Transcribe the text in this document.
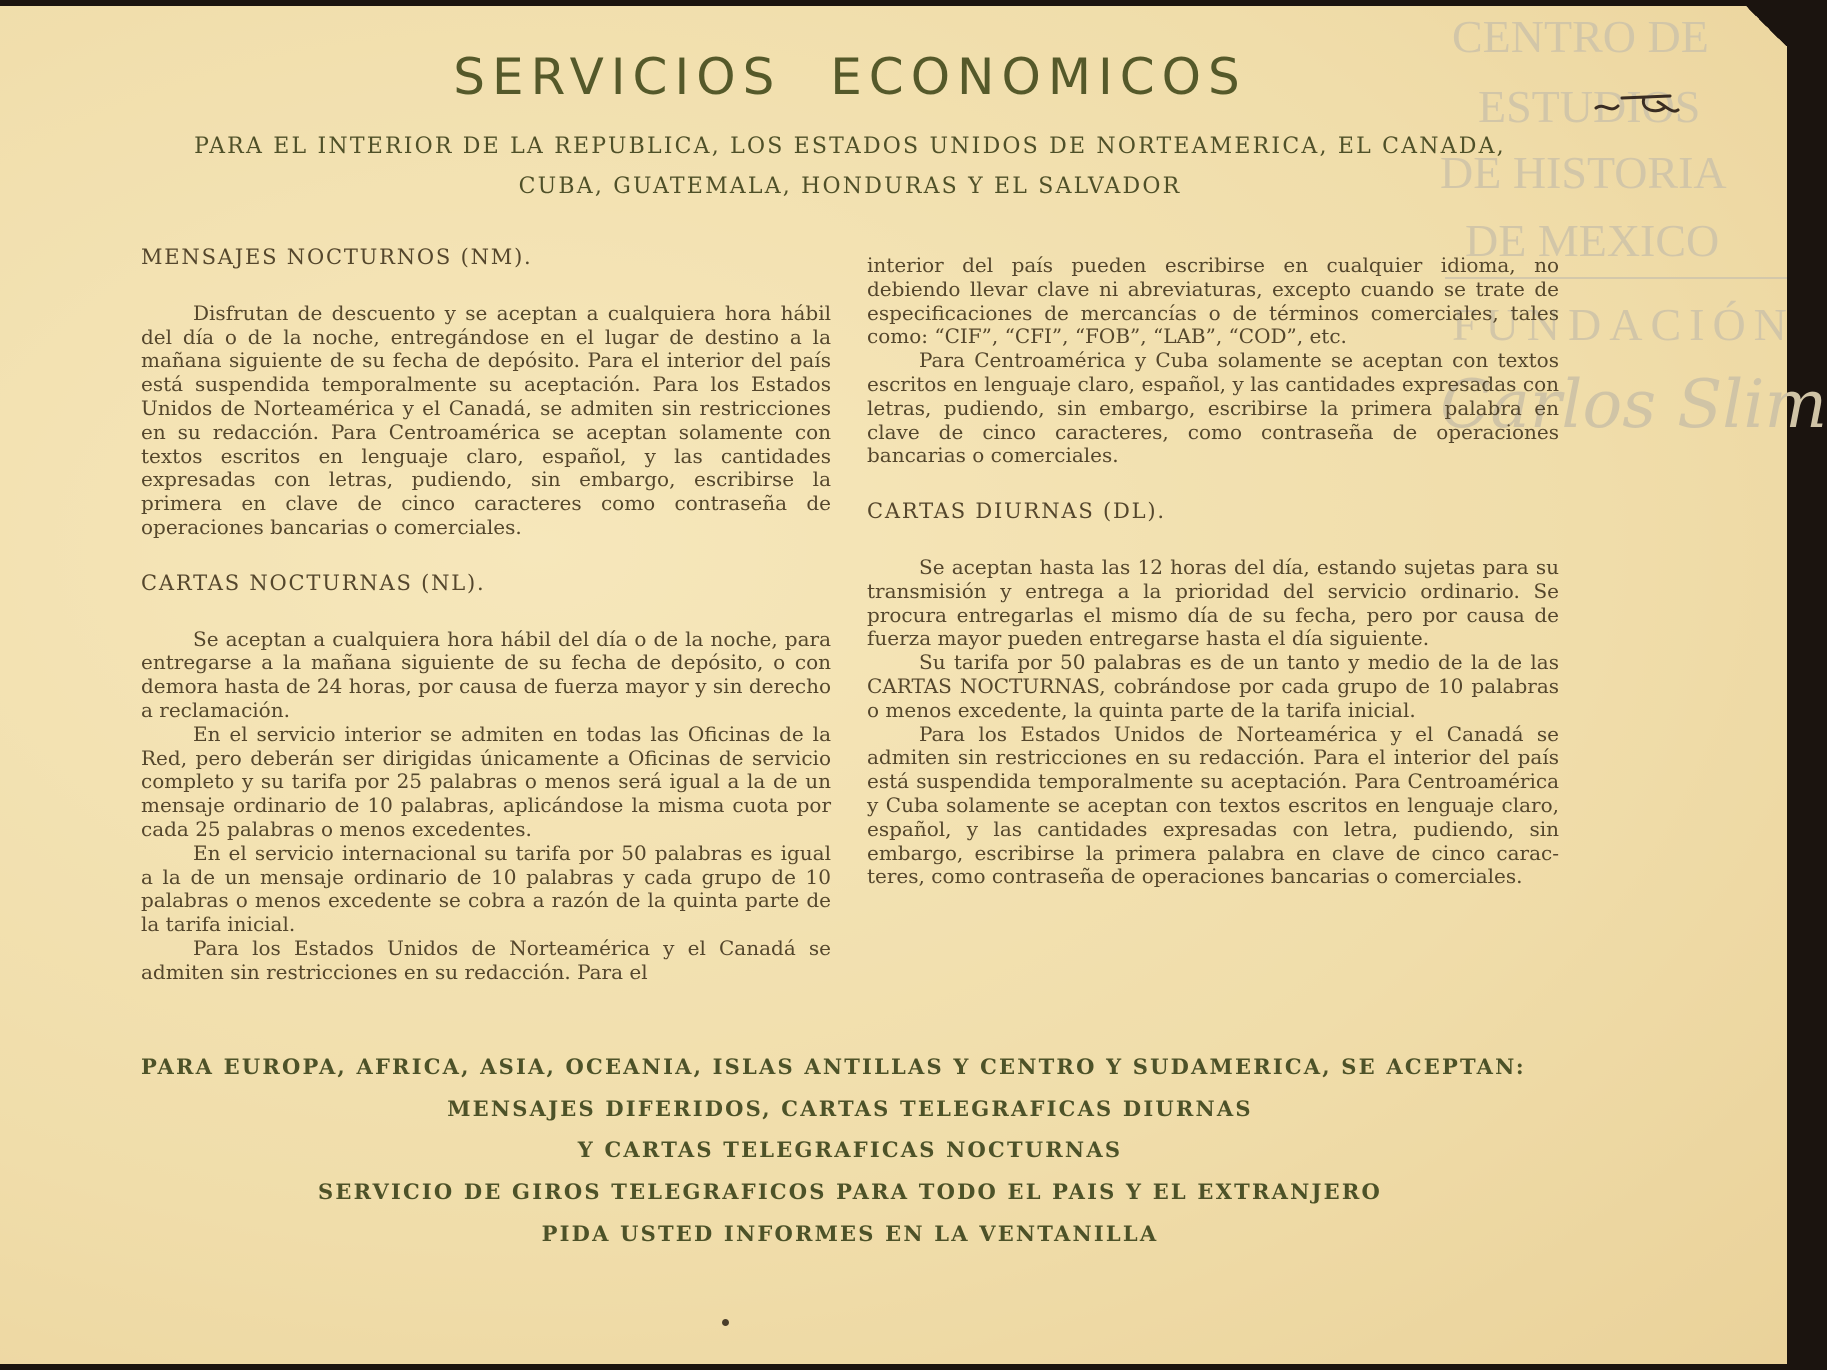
CENTRO DE
ESTUDIOS
DE HISTORIA
DE MEXICO
FUNDACIÓN
Carlos Slim
SERVICIOS ECONOMICOS

PARA EL INTERIOR DE LA REPUBLICA, LOS ESTADOS UNIDOS DE NORTEAMERICA, EL CANADA,

CUBA, GUATEMALA, HONDURAS Y EL SALVADOR

MENSAJES NOCTURNOS (NM).

Disfrutan de descuento y se aceptan a cualquiera hora hábil del día o de la noche, entregándose en el lugar de destino a la mañana siguiente de su fecha de depósito. Para el interior del país está suspendida temporalmente su aceptación. Para los Estados Unidos de Norteamérica y el Canadá, se admiten sin restricciones en su redacción. Para Centroamérica se aceptan solamente con textos escritos en lenguaje claro, español, y las cantidades expresadas con letras, pudiendo, sin embargo, escribirse la primera en clave de cinco caracteres como contraseña de operaciones bancarias o comerciales.

CARTAS NOCTURNAS (NL).

Se aceptan a cualquiera hora hábil del día o de la noche, para entregarse a la mañana siguiente de su fecha de depósito, o con demora hasta de 24 horas, por causa de fuerza mayor y sin derecho a reclamación.

En el servicio interior se admiten en todas las Oficinas de la Red, pero deberán ser dirigidas únicamente a Oficinas de servicio completo y su tarifa por 25 palabras o menos será igual a la de un mensaje ordinario de 10 palabras, aplicándose la misma cuota por cada 25 palabras o menos excedentes.

En el servicio internacional su tarifa por 50 palabras es igual a la de un mensaje ordinario de 10 palabras y cada grupo de 10 palabras o menos excedente se cobra a razón de la quinta parte de la tarifa inicial.

Para los Estados Unidos de Norteamérica y el Canadá se admiten sin restricciones en su redacción. Para el

interior del país pueden escribirse en cualquier idioma, no debiendo llevar clave ni abreviaturas, excepto cuando se trate de especificaciones de mercancías o de términos comerciales, tales como: “CIF”, “CFI”, “FOB”, “LAB”, “COD”, etc.

Para Centroamérica y Cuba solamente se aceptan con textos escritos en lenguaje claro, español, y las cantidades expresadas con letras, pudiendo, sin embargo, escribirse la primera palabra en clave de cinco caracteres, como contraseña de operaciones bancarias o comerciales.

CARTAS DIURNAS (DL).

Se aceptan hasta las 12 horas del día, estando sujetas para su transmisión y entrega a la prioridad del servicio ordinario. Se procura entregarlas el mismo día de su fecha, pero por causa de fuerza mayor pueden entregarse hasta el día siguiente.

Su tarifa por 50 palabras es de un tanto y medio de la de las CARTAS NOCTURNAS, cobrándose por cada grupo de 10 palabras o menos excedente, la quinta parte de la tarifa inicial.

Para los Estados Unidos de Norteamérica y el Canadá se admiten sin restricciones en su redacción. Para el interior del país está suspendida temporalmente su aceptación. Para Centroamérica y Cuba solamente se aceptan con textos escritos en lenguaje claro, español, y las cantidades expresadas con letra, pudiendo, sin embargo, escribirse la primera palabra en clave de cinco caracteres, como contraseña de operaciones bancarias o comerciales.

PARA EUROPA, AFRICA, ASIA, OCEANIA, ISLAS ANTILLAS Y CENTRO Y SUDAMERICA, SE ACEPTAN:

MENSAJES DIFERIDOS, CARTAS TELEGRAFICAS DIURNAS

Y CARTAS TELEGRAFICAS NOCTURNAS

SERVICIO DE GIROS TELEGRAFICOS PARA TODO EL PAIS Y EL EXTRANJERO

PIDA USTED INFORMES EN LA VENTANILLA
